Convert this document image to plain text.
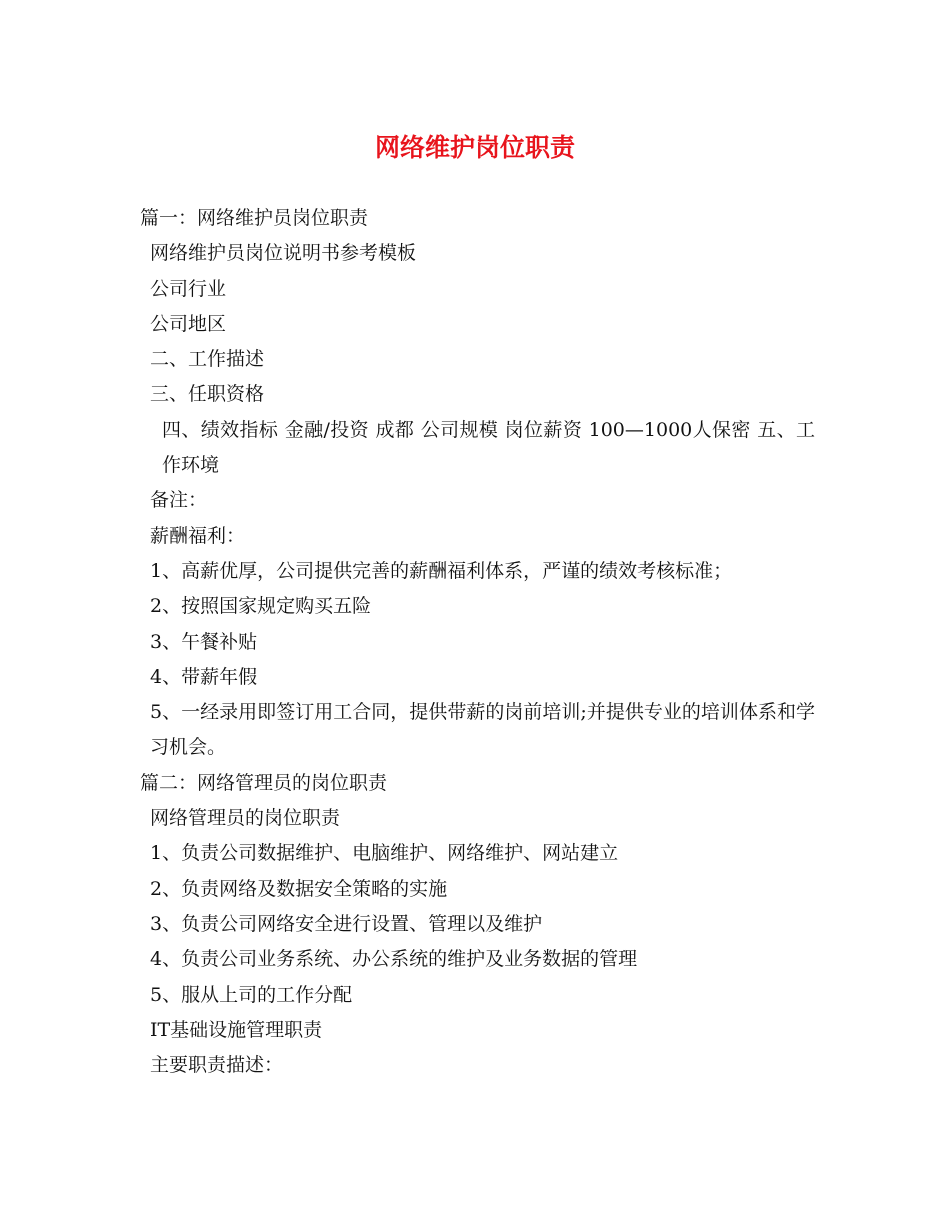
网络维护岗位职责

篇一：网络维护员岗位职责

网络维护员岗位说明书参考模板

公司行业

公司地区

二、工作描述

三、任职资格

四、绩效指标 金融/投资 成都 公司规模 岗位薪资 100—1000人保密 五、工作环境

备注：

薪酬福利：

1、高薪优厚，公司提供完善的薪酬福利体系，严谨的绩效考核标准；

2、按照国家规定购买五险

3、午餐补贴

4、带薪年假

5、一经录用即签订用工合同，提供带薪的岗前培训;并提供专业的培训体系和学习机会。

篇二：网络管理员的岗位职责

网络管理员的岗位职责

1、负责公司数据维护、电脑维护、网络维护、网站建立

2、负责网络及数据安全策略的实施

3、负责公司网络安全进行设置、管理以及维护

4、负责公司业务系统、办公系统的维护及业务数据的管理

5、服从上司的工作分配

IT基础设施管理职责

主要职责描述：
